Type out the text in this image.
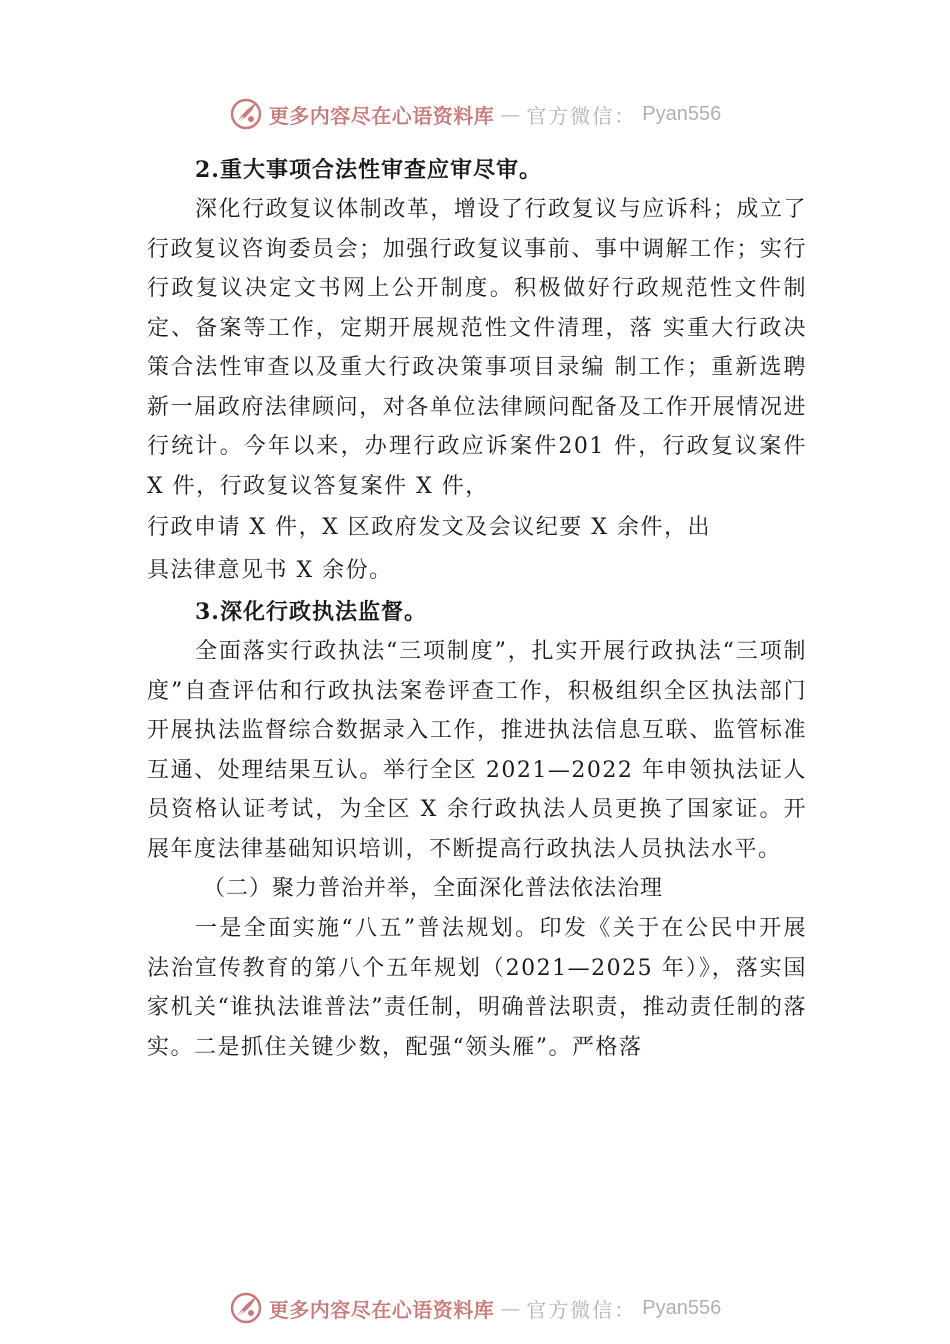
更多内容尽在心语资料库 — 官方微信： Pyan556

2.重大事项合法性审查应审尽审。

深化行政复议体制改革，增设了行政复议与应诉科；成立了行政复议咨询委员会；加强行政复议事前、事中调解工作；实行行政复议决定文书网上公开制度。积极做好行政规范性文件制定、备案等工作，定期开展规范性文件清理，落 实重大行政决策合法性审查以及重大行政决策事项目录编 制工作；重新选聘新一届政府法律顾问，对各单位法律顾问配备及工作开展情况进行统计。今年以来，办理行政应诉案件201 件，行政复议案件 X 件，行政复议答复案件 X 件，

行政申请 X 件，X 区政府发文及会议纪要 X 余件，出

具法律意见书 X 余份。

3.深化行政执法监督。

全面落实行政执法“三项制度”，扎实开展行政执法“三项制度”自查评估和行政执法案卷评查工作，积极组织全区执法部门开展执法监督综合数据录入工作，推进执法信息互联、监管标准互通、处理结果互认。举行全区 2021—2022 年申领执法证人员资格认证考试，为全区 X 余行政执法人员更换了国家证。开展年度法律基础知识培训，不断提高行政执法人员执法水平。

（二）聚力普治并举，全面深化普法依法治理

一是全面实施“八五”普法规划。印发《关于在公民中开展法治宣传教育的第八个五年规划（2021—2025 年）》，落实国家机关“谁执法谁普法”责任制，明确普法职责，推动责任制的落实。二是抓住关键少数，配强“领头雁”。严格落

更多内容尽在心语资料库 — 官方微信： Pyan556
